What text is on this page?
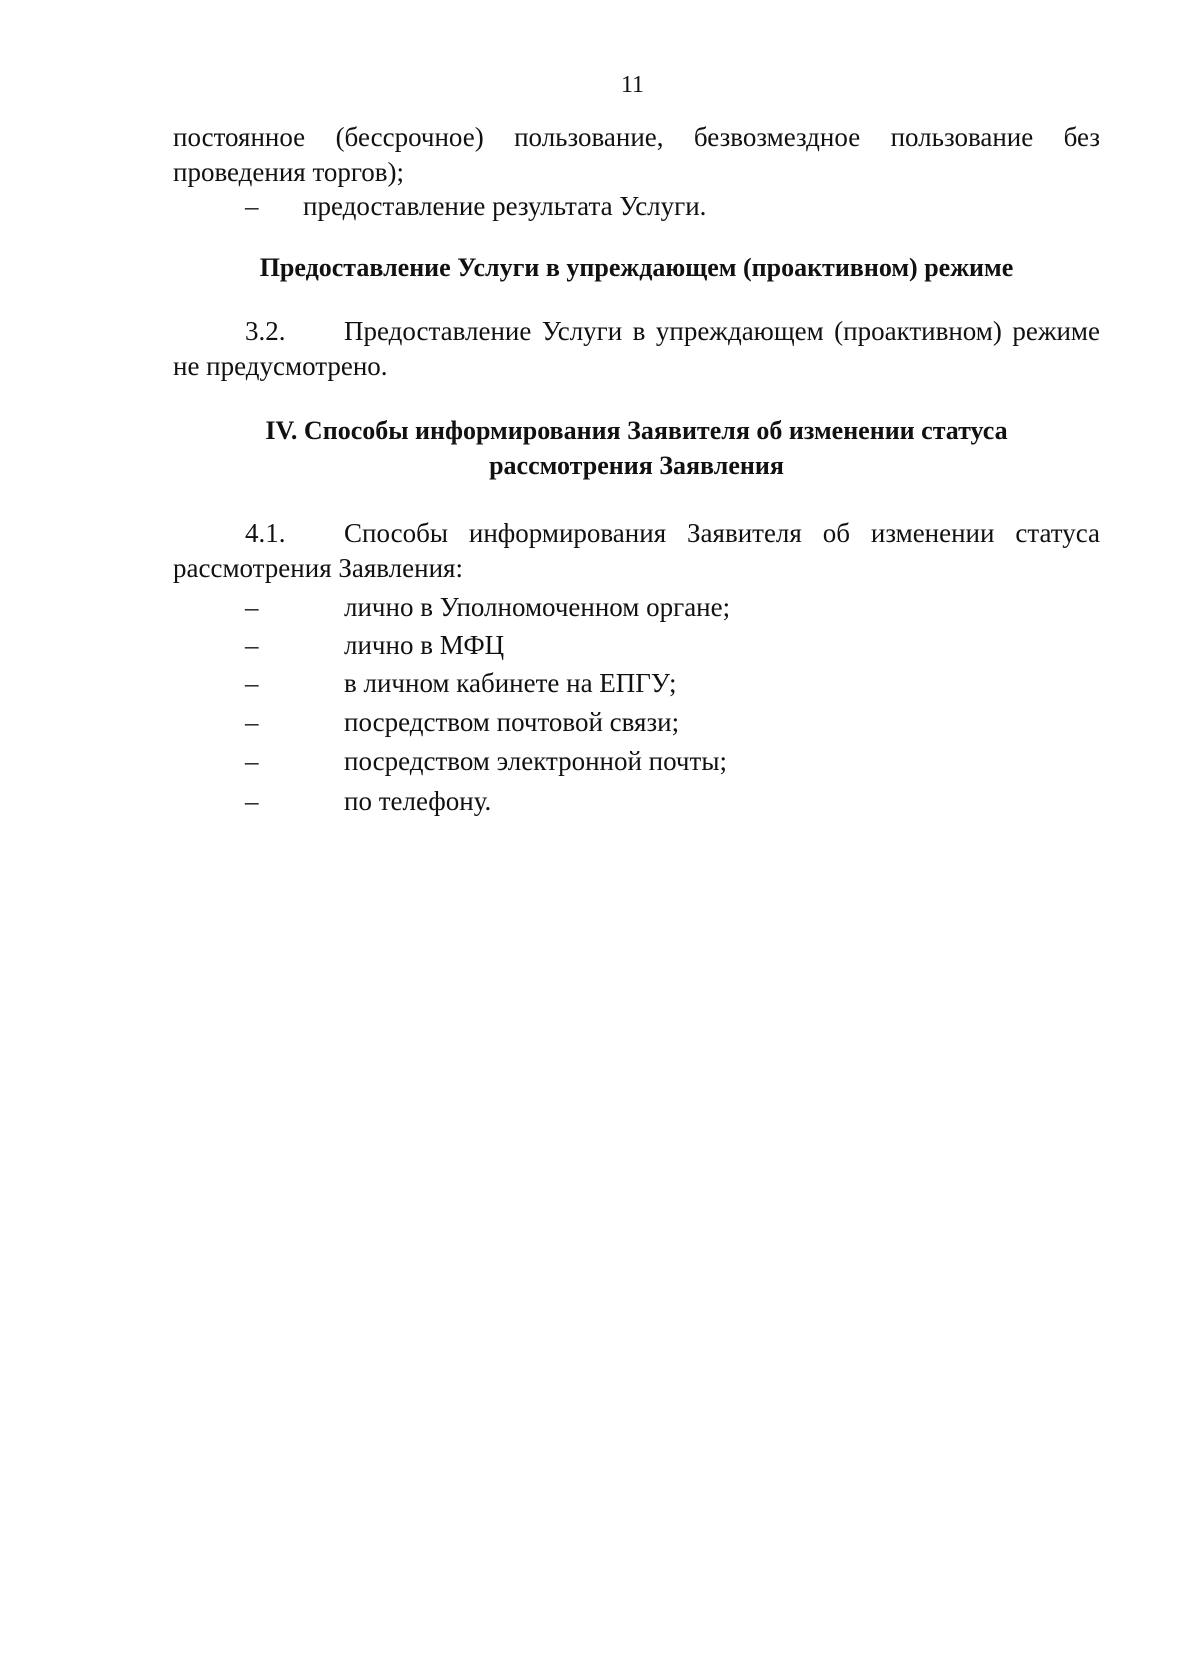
11
постоянное (бессрочное) пользование, безвозмездное пользование без
проведения торгов);
– предоставление результата Услуги.
Предоставление Услуги в упреждающем (проактивном) режиме
3.2. Предоставление Услуги в упреждающем (проактивном) режиме
не предусмотрено.
IV. Способы информирования Заявителя об изменении статуса
рассмотрения Заявления
4.1. Способы информирования Заявителя об изменении статуса
рассмотрения Заявления:
–	лично в Уполномоченном органе;
–	лично в МФЦ
–	в личном кабинете на ЕПГУ;
–	посредством почтовой связи;
–	посредством электронной почты;
–	по телефону.
